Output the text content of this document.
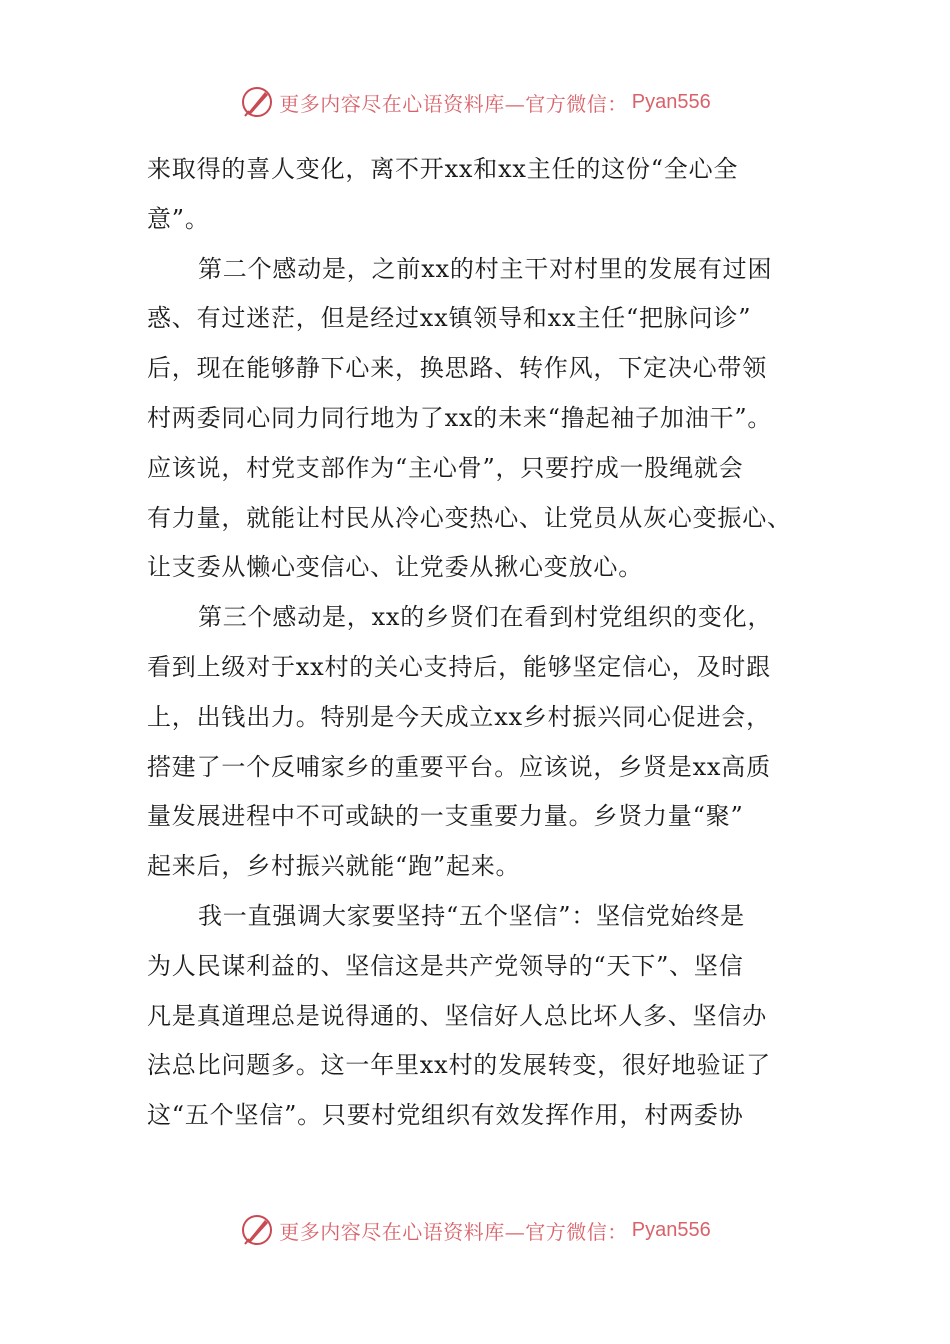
更多内容尽在心语资料库—官方微信： Pyan556
来取得的喜人变化，离不开xx和xx主任的这份“全心全
意”。
第二个感动是，之前xx的村主干对村里的发展有过困
惑、有过迷茫，但是经过xx镇领导和xx主任“把脉问诊”
后，现在能够静下心来，换思路、转作风，下定决心带领
村两委同心同力同行地为了xx的未来“撸起袖子加油干”。
应该说，村党支部作为“主心骨”，只要拧成一股绳就会
有力量，就能让村民从冷心变热心、让党员从灰心变振心、
让支委从懒心变信心、让党委从揪心变放心。
第三个感动是，xx的乡贤们在看到村党组织的变化，
看到上级对于xx村的关心支持后，能够坚定信心，及时跟
上，出钱出力。特别是今天成立xx乡村振兴同心促进会，
搭建了一个反哺家乡的重要平台。应该说，乡贤是xx高质
量发展进程中不可或缺的一支重要力量。乡贤力量“聚”
起来后，乡村振兴就能“跑”起来。
我一直强调大家要坚持“五个坚信”：坚信党始终是
为人民谋利益的、坚信这是共产党领导的“天下”、坚信
凡是真道理总是说得通的、坚信好人总比坏人多、坚信办
法总比问题多。这一年里xx村的发展转变，很好地验证了
这“五个坚信”。只要村党组织有效发挥作用，村两委协
更多内容尽在心语资料库—官方微信： Pyan556
